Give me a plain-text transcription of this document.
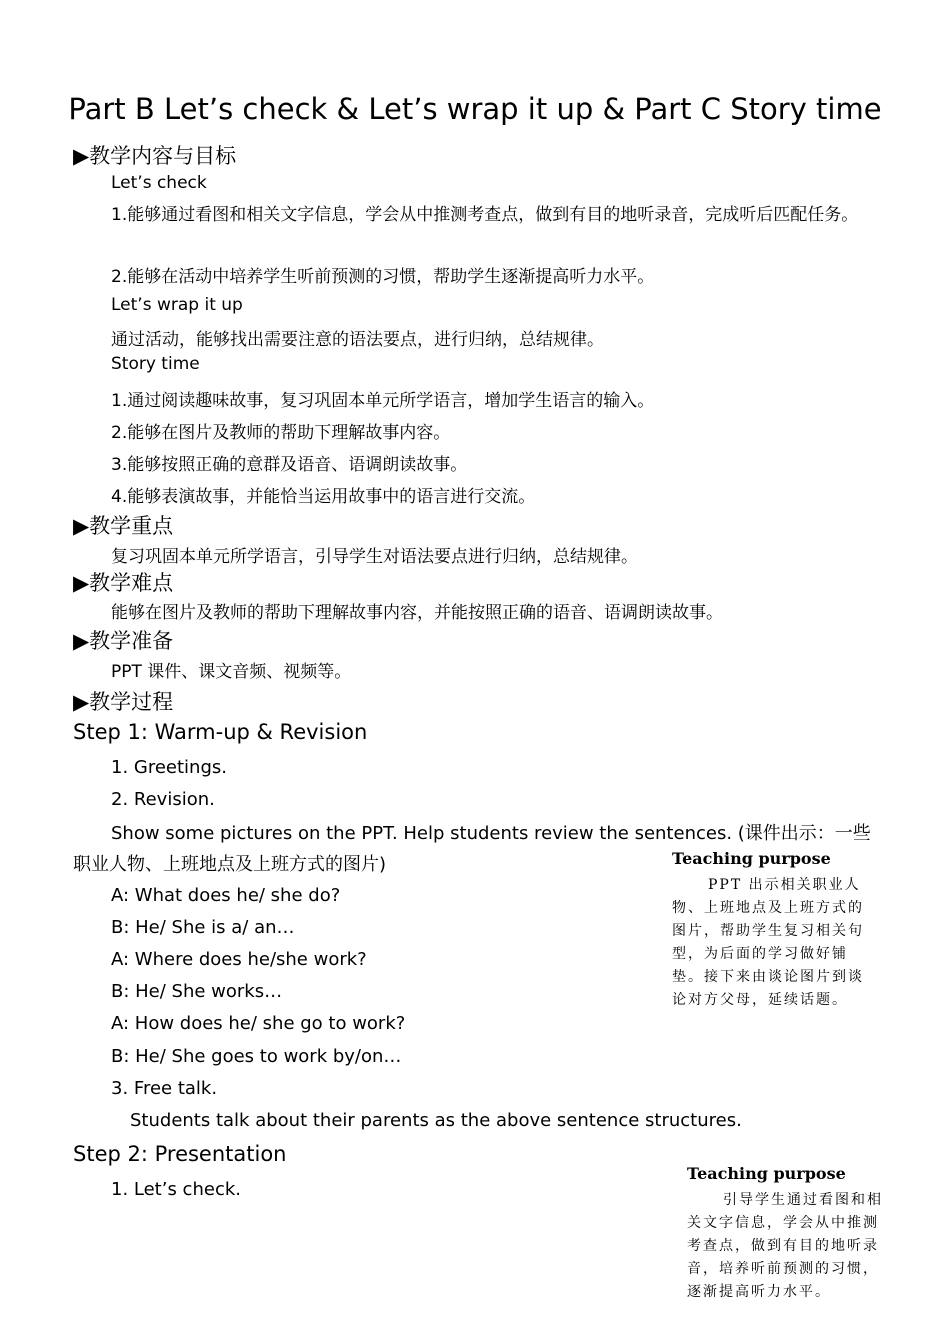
Part B Let’s check & Let’s wrap it up & Part C Story time
▶教学内容与目标
Let’s check

1.能够通过看图和相关文字信息，学会从中推测考查点，做到有目的地听录音，完成听后匹配任务。

2.能够在活动中培养学生听前预测的习惯，帮助学生逐渐提高听力水平。
Let’s wrap it up
通过活动，能够找出需要注意的语法要点，进行归纳，总结规律。
Story time
1.通过阅读趣味故事，复习巩固本单元所学语言，增加学生语言的输入。
2.能够在图片及教师的帮助下理解故事内容。
3.能够按照正确的意群及语音、语调朗读故事。
4.能够表演故事，并能恰当运用故事中的语言进行交流。
▶教学重点
复习巩固本单元所学语言，引导学生对语法要点进行归纳，总结规律。
▶教学难点
能够在图片及教师的帮助下理解故事内容，并能按照正确的语音、语调朗读故事。
▶教学准备
PPT 课件、课文音频、视频等。
▶教学过程
Step 1: Warm-up & Revision
1. Greetings.
2. Revision.

Show some pictures on the PPT. Help students review the sentences. (课件出示：一些职业人物、上班地点及上班方式的图片)

A: What does he/ she do?
B: He/ She is a/ an…
A: Where does he/she work?
B: He/ She works…
A: How does he/ she go to work?
B: He/ She goes to work by/on…
3. Free talk.
Students talk about their parents as the above sentence structures.
Step 2: Presentation
1. Let’s check.
Teaching purpose

PPT 出示相关职业人物、上班地点及上班方式的图片，帮助学生复习相关句型，为后面的学习做好铺垫。接下来由谈论图片到谈论对方父母，延续话题。

Teaching purpose

引导学生通过看图和相关文字信息，学会从中推测考查点，做到有目的地听录音，培养听前预测的习惯，逐渐提高听力水平。
